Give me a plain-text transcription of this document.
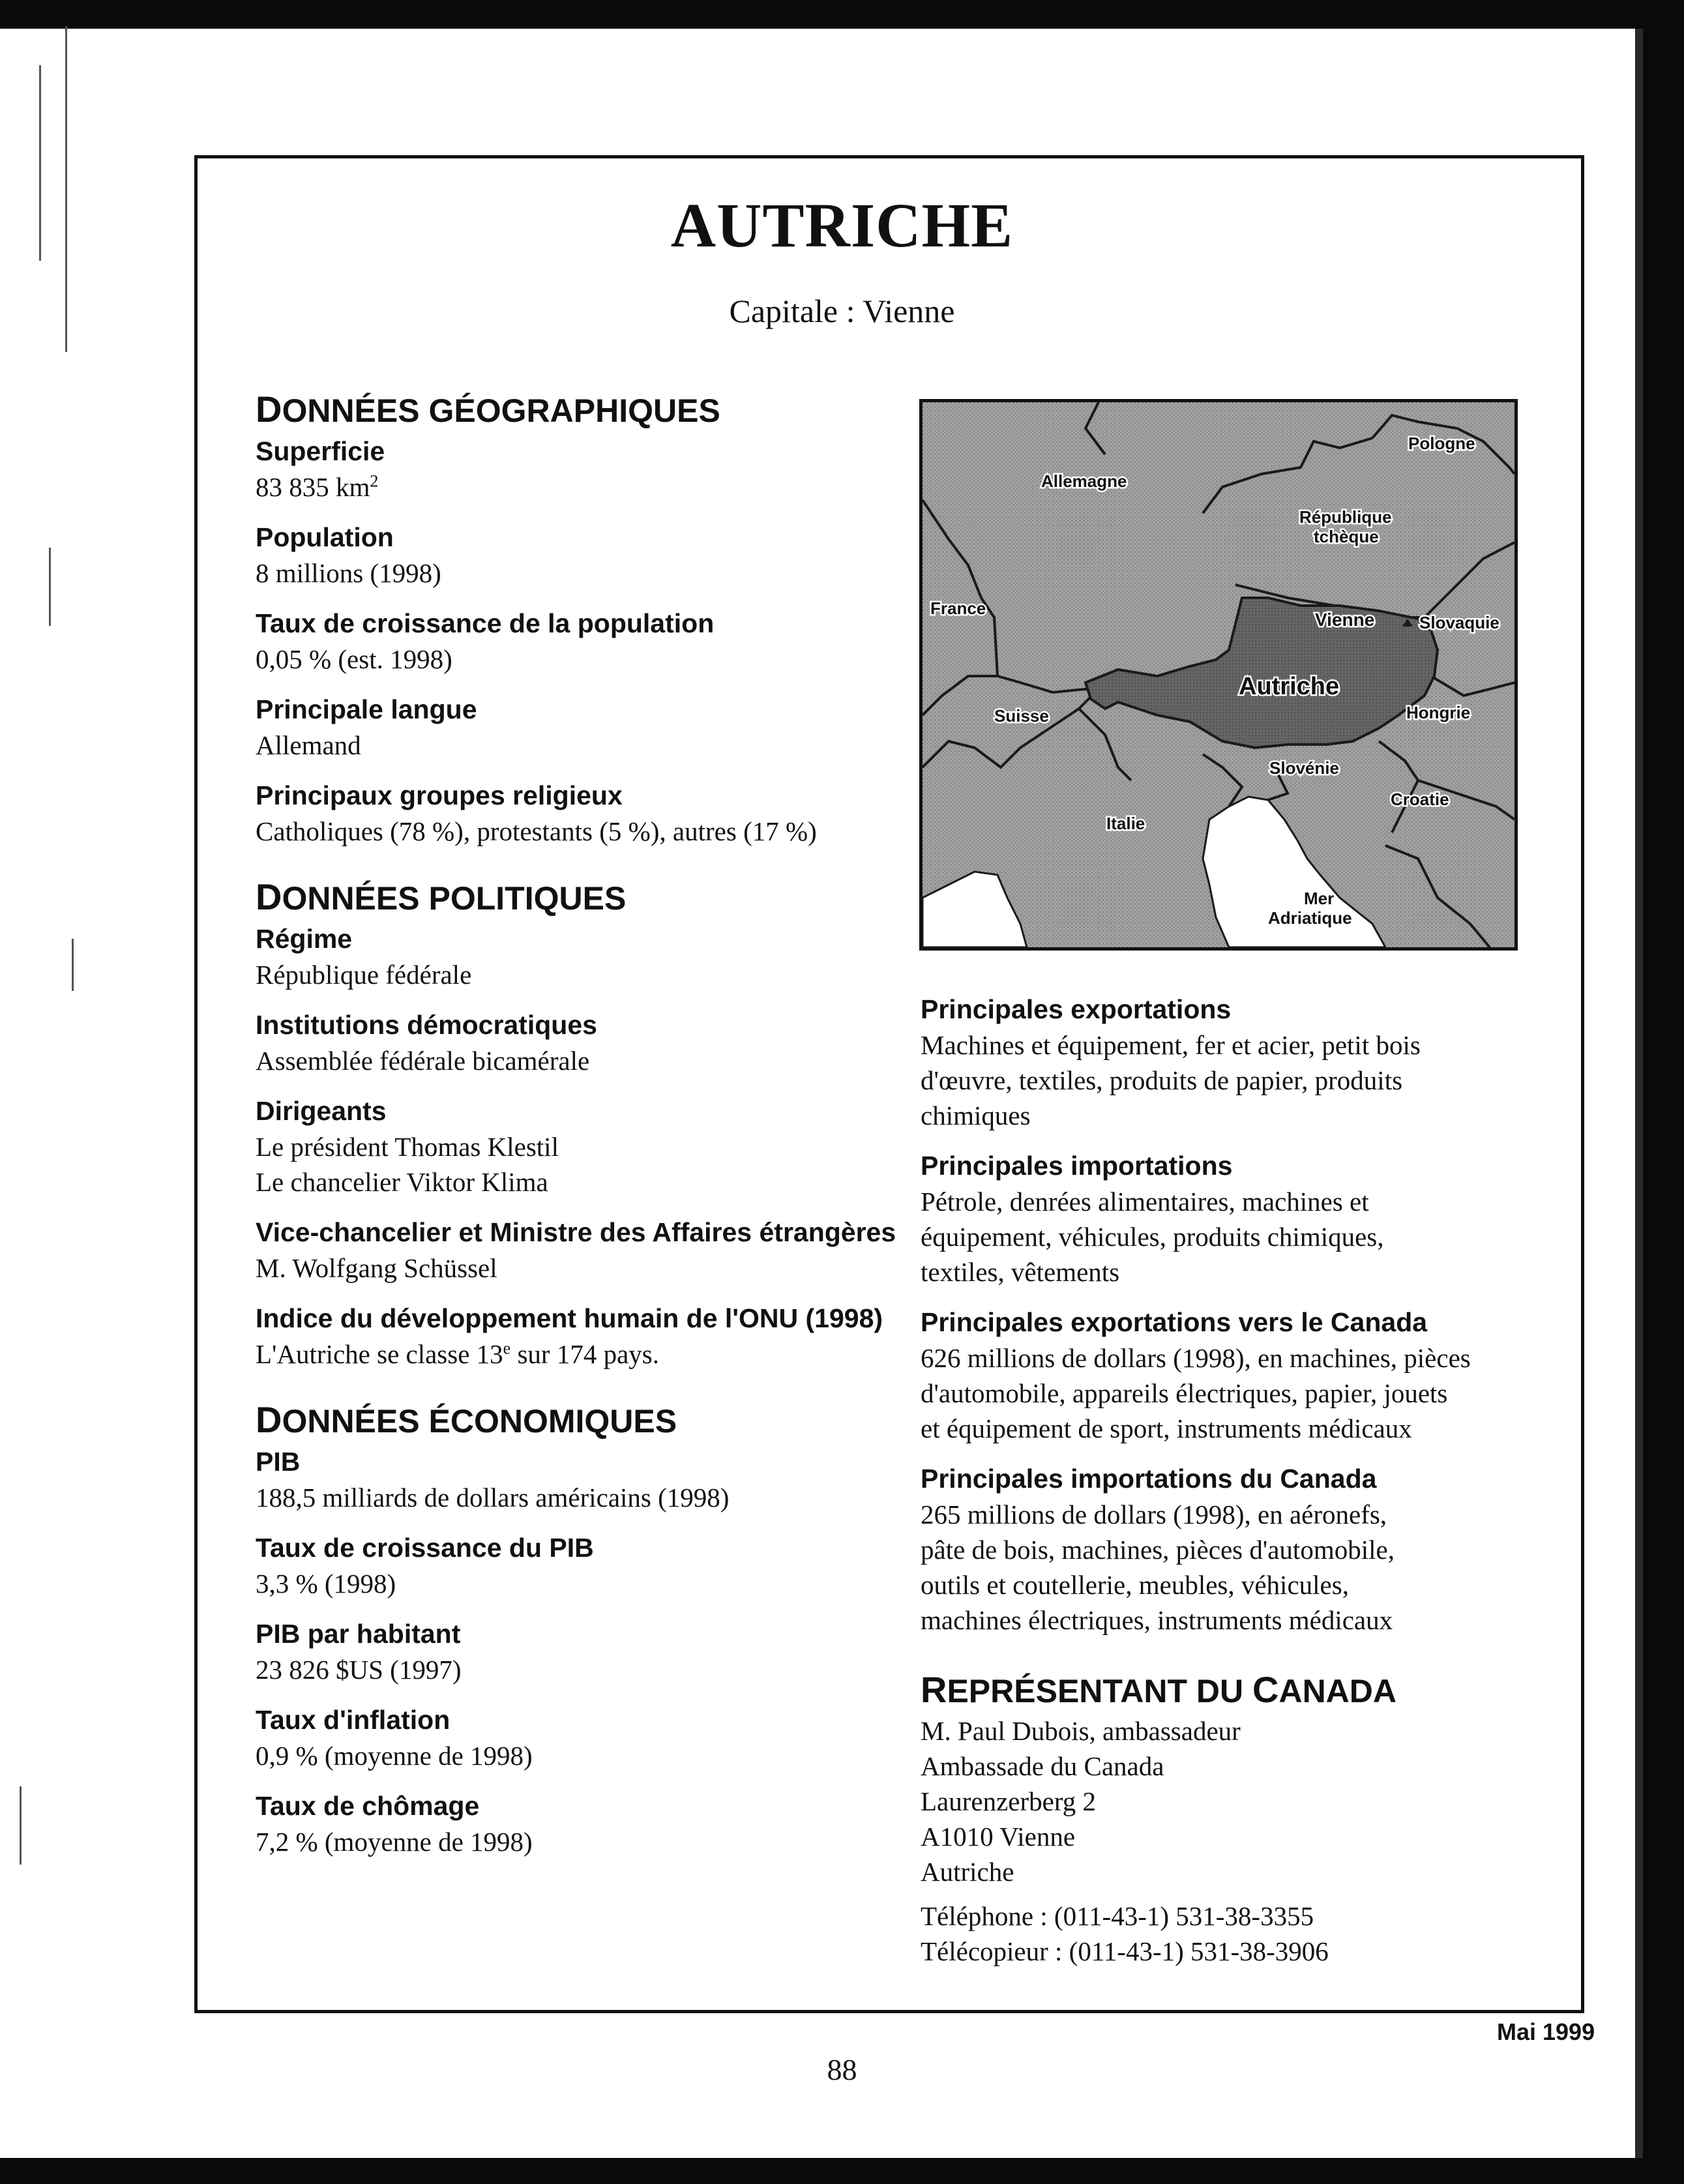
AUTRICHE
Capitale : Vienne
DONNÉES GÉOGRAPHIQUES
Superficie
83 835 $km^2$
Population
8 millions (1998)
Taux de croissance de la population
0,05 % (est. 1998)
Principale langue
Allemand
Principaux groupes religieux
Catholiques (78 %), protestants (5 %), autres (17 %)
DONNÉES POLITIQUES
Régime
République fédérale
Institutions démocratiques
Assemblée fédérale bicamérale
Dirigeants
Le président Thomas Klestil
Le chancelier Viktor Klima
Vice-chancelier et Ministre des Affaires étrangères
M. Wolfgang Schüssel
Indice du développement humain de l'ONU (1998)
L'Autriche se classe 13e sur 174 pays.
DONNÉES ÉCONOMIQUES
PIB
188,5 milliards de dollars américains (1998)
Taux de croissance du PIB
3,3 % (1998)
PIB par habitant
23 826 $US (1997)
Taux d'inflation
0,9 % (moyenne de 1998)
Taux de chômage
7,2 % (moyenne de 1998)
Pologne
Allemagne
République
tchèque
France
Vienne	Slovaquie
Autriche
Suisse	Hongrie
Slovénie
Croatie
Italie
Mer
Adriatique
Principales exportations
Machines et équipement, fer et acier, petit bois
d'œuvre, textiles, produits de papier, produits
chimiques
Principales importations
Pétrole, denrées alimentaires, machines et
équipement, véhicules, produits chimiques,
textiles, vêtements
Principales exportations vers le Canada
626 millions de dollars (1998), en machines, pièces
d'automobile, appareils électriques, papier, jouets
et équipement de sport, instruments médicaux
Principales importations du Canada
265 millions de dollars (1998), en aéronefs,
pâte de bois, machines, pièces d'automobile,
outils et coutellerie, meubles, véhicules,
machines électriques, instruments médicaux
REPRÉSENTANT DU CANADA
M. Paul Dubois, ambassadeur
Ambassade du Canada
Laurenzerberg 2
A1010 Vienne
Autriche
Téléphone : (011-43-1) 531-38-3355
Télécopieur : (011-43-1) 531-38-3906
Mai 1999
88
